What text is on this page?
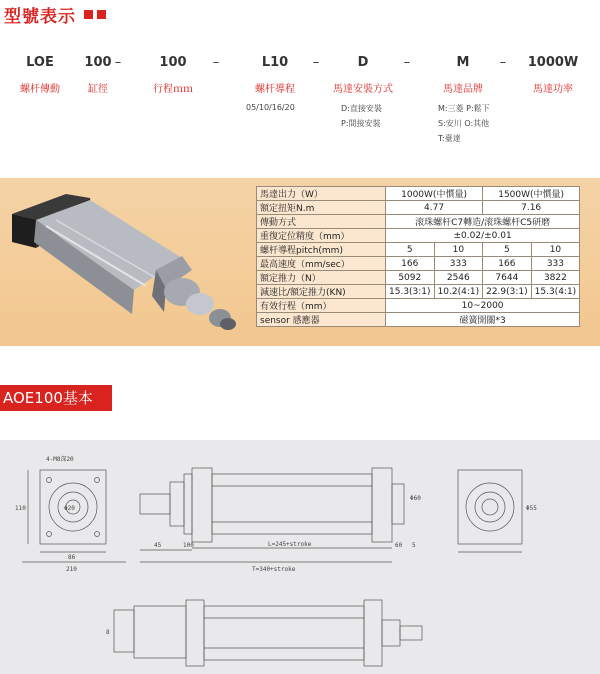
型號表示
LOE	100 –	100	–	L10	–	D	–	M	–	1000W
螺杆傳動	缸徑	行程ｍｍ	螺杆導程	馬達安裝方式	馬達品牌	馬達功率
05/10/16/20	D:直接安裝
P:間接安裝
M:三菱 P:鬆下
S:安川 O:其他
T:臺達
馬達出力（W）	1000W(中慣量)		1500W(中慣量)	
額定扭矩N.m	4.77		7.16	
傳動方式	滚珠螺杆C7轉造/滚珠螺杆C5研磨			
重復定位精度（mm）	±0.02/±0.01			
螺杆導程pitch(mm)	5	10	5	10
最高速度（mm/sec）	166	333	166	333
額定推力（N）	5092	2546	7644	3822
減速比/額定推力(KN)	15.3(3:1)	10.2(4:1)	22.9(3:1)	15.3(4:1)
有效行程（mm）	10~2000			
sensor 感應器	磁簧開關*3			
AOE100基本
4-M8深20
Φ20
110
86
210
45	100	L=245+stroke
T=340+stroke
60 5
Φ60
Φ55
8
